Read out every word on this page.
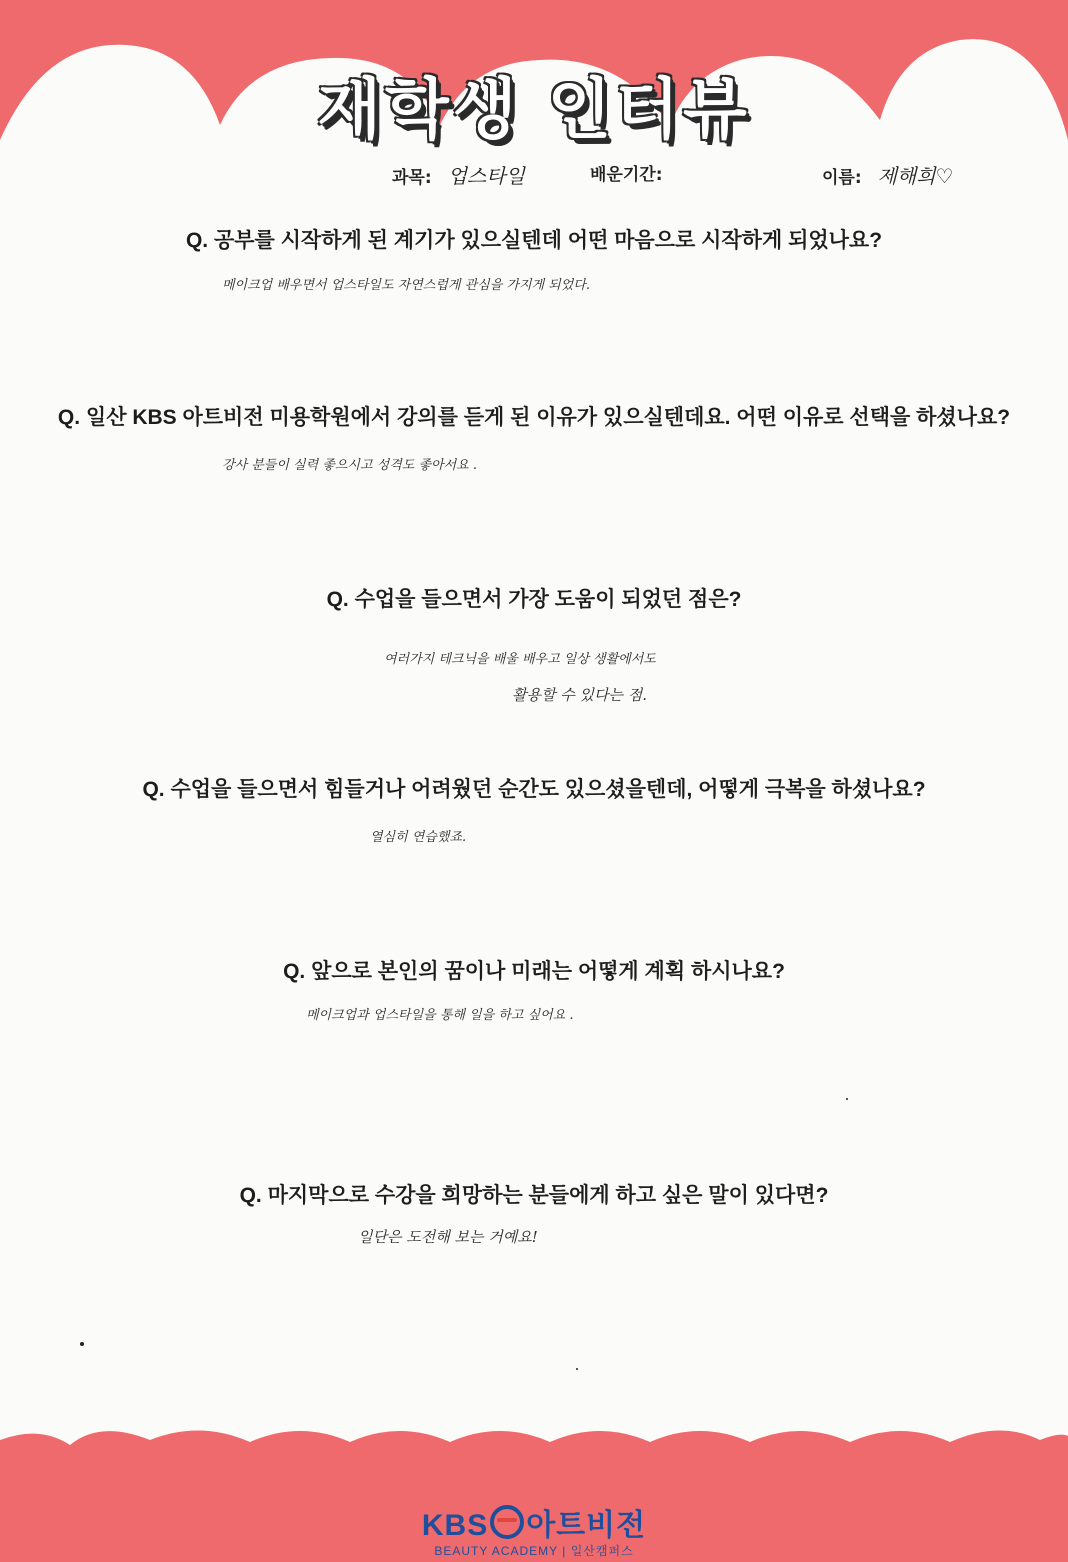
재학생 인터뷰
과목: 업스타일	배운기간:	이름: 제해희♡
Q. 공부를 시작하게 된 계기가 있으실텐데 어떤 마음으로 시작하게 되었나요?
메이크업 배우면서 업스타일도 자연스럽게 관심을 가지게 되었다.
Q. 일산 KBS 아트비전 미용학원에서 강의를 듣게 된 이유가 있으실텐데요. 어떤 이유로 선택을 하셨나요?
강사 분들이 실력 좋으시고 성격도 좋아서요 .
Q. 수업을 들으면서 가장 도움이 되었던 점은?
여러가지 테크닉을 배울 배우고 일상 생활에서도
활용할 수 있다는 점.
Q. 수업을 들으면서 힘들거나 어려웠던 순간도 있으셨을텐데, 어떻게 극복을 하셨나요?
열심히 연습했죠.
Q. 앞으로 본인의 꿈이나 미래는 어떻게 계획 하시나요?
메이크업과 업스타일을 통해 일을 하고 싶어요 .
Q. 마지막으로 수강을 희망하는 분들에게 하고 싶은 말이 있다면?
일단은 도전해 보는 거예요!
KBS 아트비전
BEAUTY ACADEMY | 일산캠퍼스
